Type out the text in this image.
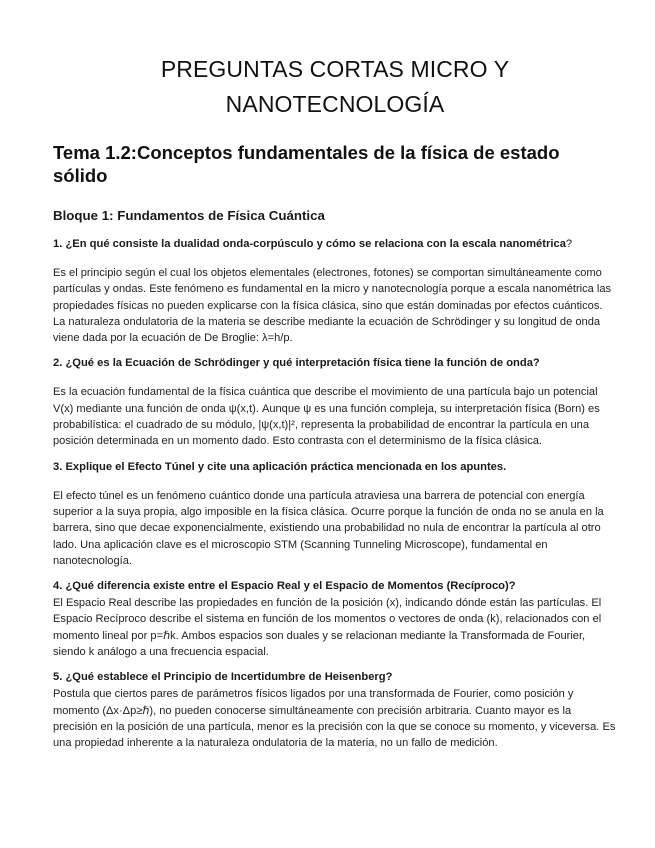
PREGUNTAS CORTAS MICRO Y NANOTECNOLOGÍA
Tema 1.2:Conceptos fundamentales de la física de estado sólido
Bloque 1: Fundamentos de Física Cuántica

1. ¿En qué consiste la dualidad onda-corpúsculo y cómo se relaciona con la escala nanométrica?

Es el principio según el cual los objetos elementales (electrones, fotones) se comportan simultáneamente como partículas y ondas. Este fenómeno es fundamental en la micro y nanotecnología porque a escala nanométrica las propiedades físicas no pueden explicarse con la física clásica, sino que están dominadas por efectos cuánticos. La naturaleza ondulatoria de la materia se describe mediante la ecuación de Schrödinger y su longitud de onda viene dada por la ecuación de De Broglie: λ=h/p.

2. ¿Qué es la Ecuación de Schrödinger y qué interpretación física tiene la función de onda?

Es la ecuación fundamental de la física cuántica que describe el movimiento de una partícula bajo un potencial V(x) mediante una función de onda ψ(x,t). Aunque ψ es una función compleja, su interpretación física (Born) es probabilística: el cuadrado de su módulo, |ψ(x,t)|², representa la probabilidad de encontrar la partícula en una posición determinada en un momento dado. Esto contrasta con el determinismo de la física clásica.

3. Explique el Efecto Túnel y cite una aplicación práctica mencionada en los apuntes.

El efecto túnel es un fenómeno cuántico donde una partícula atraviesa una barrera de potencial con energía superior a la suya propia, algo imposible en la física clásica. Ocurre porque la función de onda no se anula en la barrera, sino que decae exponencialmente, existiendo una probabilidad no nula de encontrar la partícula al otro lado. Una aplicación clave es el microscopio STM (Scanning Tunneling Microscope), fundamental en nanotecnología.

4. ¿Qué diferencia existe entre el Espacio Real y el Espacio de Momentos (Recíproco)?

El Espacio Real describe las propiedades en función de la posición (x), indicando dónde están las partículas. El Espacio Recíproco describe el sistema en función de los momentos o vectores de onda (k), relacionados con el momento lineal por p=ℏk. Ambos espacios son duales y se relacionan mediante la Transformada de Fourier, siendo k análogo a una frecuencia espacial.

5. ¿Qué establece el Principio de Incertidumbre de Heisenberg?

Postula que ciertos pares de parámetros físicos ligados por una transformada de Fourier, como posición y momento (Δx·Δp≥ℏ), no pueden conocerse simultáneamente con precisión arbitraria. Cuanto mayor es la precisión en la posición de una partícula, menor es la precisión con la que se conoce su momento, y viceversa. Es una propiedad inherente a la naturaleza ondulatoria de la materia, no un fallo de medición.
